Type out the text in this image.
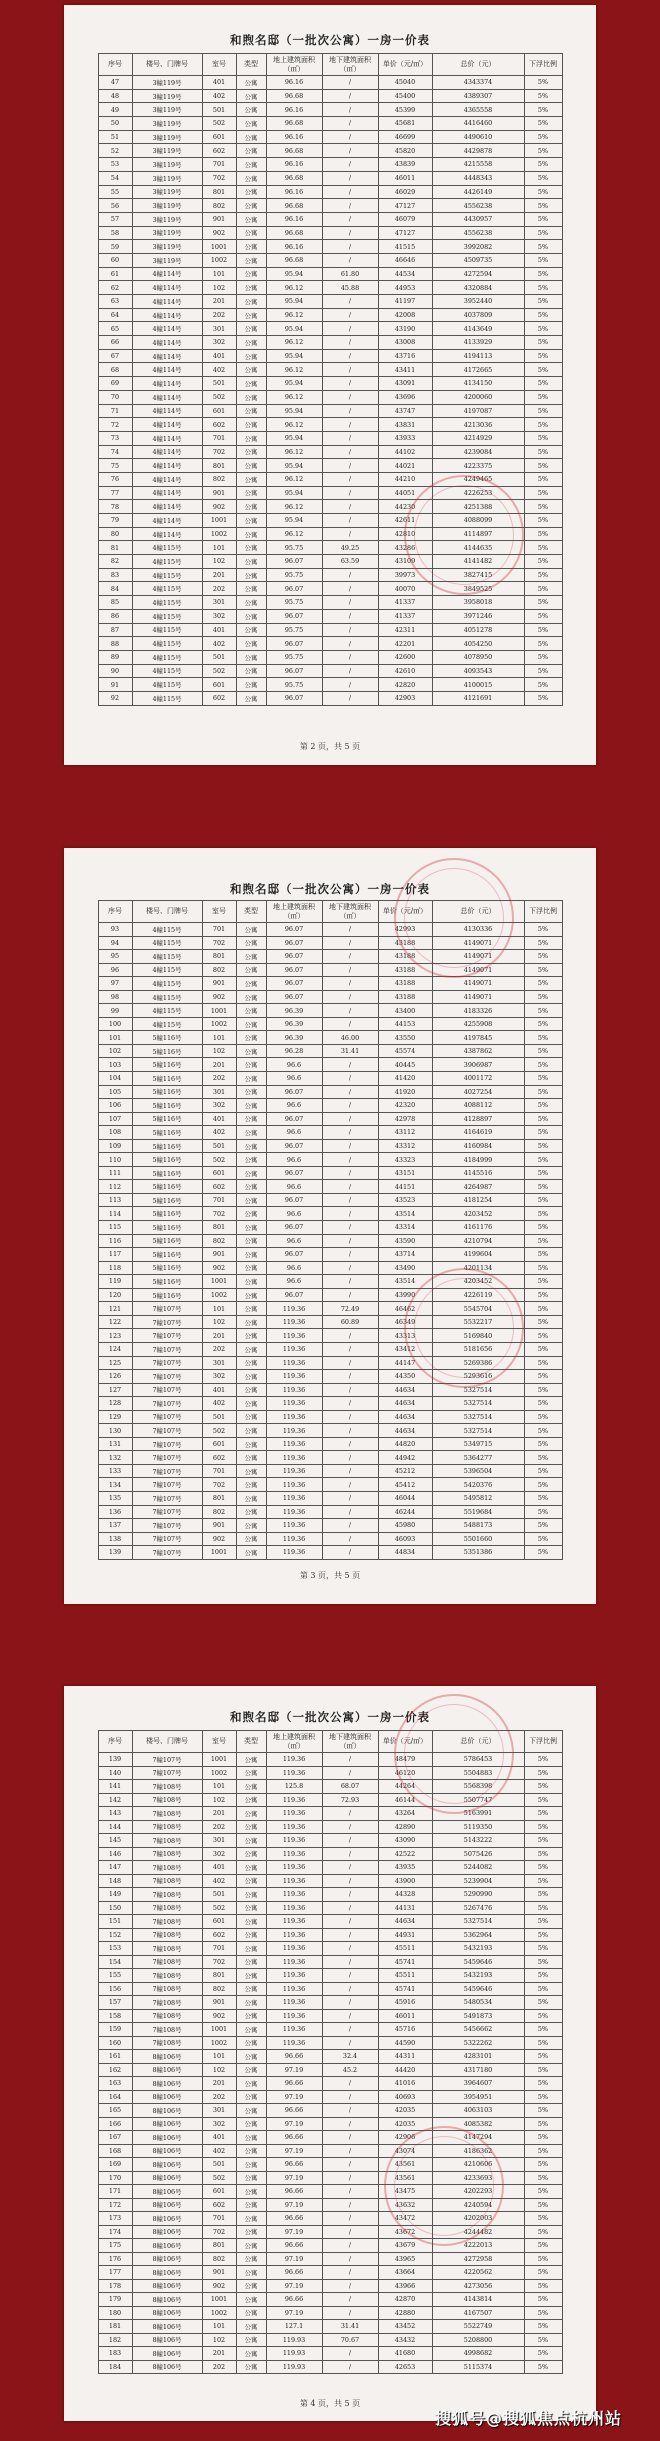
和煦名邸（一批次公寓）一房一价表
序号	楼号、门牌号	室号	类型	地上建筑面积（㎡）	地下建筑面积（㎡）	单价（元/㎡）	总价（元）	下浮比例
47	3幢119号	401	公寓	96.16	/	45040	4343374	5%
48	3幢119号	402	公寓	96.68	/	45400	4389307	5%
49	3幢119号	501	公寓	96.16	/	45399	4365558	5%
50	3幢119号	502	公寓	96.68	/	45681	4416460	5%
51	3幢119号	601	公寓	96.16	/	46699	4490610	5%
52	3幢119号	602	公寓	96.68	/	45820	4429878	5%
53	3幢119号	701	公寓	96.16	/	43839	4215558	5%
54	3幢119号	702	公寓	96.68	/	46011	4448343	5%
55	3幢119号	801	公寓	96.16	/	46029	4426149	5%
56	3幢119号	802	公寓	96.68	/	47127	4556238	5%
57	3幢119号	901	公寓	96.16	/	46079	4430957	5%
58	3幢119号	902	公寓	96.68	/	47127	4556238	5%
59	3幢119号	1001	公寓	96.16	/	41515	3992082	5%
60	3幢119号	1002	公寓	96.68	/	46646	4509735	5%
61	4幢114号	101	公寓	95.94	61.80	44534	4272594	5%
62	4幢114号	102	公寓	96.12	45.88	44953	4320884	5%
63	4幢114号	201	公寓	95.94	/	41197	3952440	5%
64	4幢114号	202	公寓	96.12	/	42008	4037809	5%
65	4幢114号	301	公寓	95.94	/	43190	4143649	5%
66	4幢114号	302	公寓	96.12	/	43008	4133929	5%
67	4幢114号	401	公寓	95.94	/	43716	4194113	5%
68	4幢114号	402	公寓	96.12	/	43411	4172665	5%
69	4幢114号	501	公寓	95.94	/	43091	4134150	5%
70	4幢114号	502	公寓	96.12	/	43696	4200060	5%
71	4幢114号	601	公寓	95.94	/	43747	4197087	5%
72	4幢114号	602	公寓	96.12	/	43831	4213036	5%
73	4幢114号	701	公寓	95.94	/	43933	4214929	5%
74	4幢114号	702	公寓	96.12	/	44102	4239084	5%
75	4幢114号	801	公寓	95.94	/	44021	4223375	5%
76	4幢114号	802	公寓	96.12	/	44210	4249465	5%
77	4幢114号	901	公寓	95.94	/	44051	4226253	5%
78	4幢114号	902	公寓	96.12	/	44230	4251388	5%
79	4幢114号	1001	公寓	95.94	/	42611	4088099	5%
80	4幢114号	1002	公寓	96.12	/	42810	4114897	5%
81	4幢115号	101	公寓	95.75	49.25	43286	4144635	5%
82	4幢115号	102	公寓	96.07	63.59	43109	4141482	5%
83	4幢115号	201	公寓	95.75	/	39973	3827415	5%
84	4幢115号	202	公寓	96.07	/	40070	3849525	5%
85	4幢115号	301	公寓	95.75	/	41337	3958018	5%
86	4幢115号	302	公寓	96.07	/	41337	3971246	5%
87	4幢115号	401	公寓	95.75	/	42311	4051278	5%
88	4幢115号	402	公寓	96.07	/	42201	4054250	5%
89	4幢115号	501	公寓	95.75	/	42600	4078950	5%
90	4幢115号	502	公寓	96.07	/	42610	4093543	5%
91	4幢115号	601	公寓	95.75	/	42820	4100015	5%
92	4幢115号	602	公寓	96.07	/	42903	4121691	5%
第 2 页，共 5 页
和煦名邸（一批次公寓）一房一价表
序号	楼号、门牌号	室号	类型	地上建筑面积（㎡）	地下建筑面积（㎡）	单价（元/㎡）	总价（元）	下浮比例
93	4幢115号	701	公寓	96.07	/	42993	4130336	5%
94	4幢115号	702	公寓	96.07	/	43188	4149071	5%
95	4幢115号	801	公寓	96.07	/	43188	4149071	5%
96	4幢115号	802	公寓	96.07	/	43188	4149071	5%
97	4幢115号	901	公寓	96.07	/	43188	4149071	5%
98	4幢115号	902	公寓	96.07	/	43188	4149071	5%
99	4幢115号	1001	公寓	96.39	/	43400	4183326	5%
100	4幢115号	1002	公寓	96.39	/	44153	4255908	5%
101	5幢116号	101	公寓	96.39	46.00	43550	4197845	5%
102	5幢116号	102	公寓	96.28	31.41	45574	4387862	5%
103	5幢116号	201	公寓	96.6	/	40445	3906987	5%
104	5幢116号	202	公寓	96.6	/	41420	4001172	5%
105	5幢116号	301	公寓	96.07	/	41920	4027254	5%
106	5幢116号	302	公寓	96.6	/	42320	4088112	5%
107	5幢116号	401	公寓	96.07	/	42978	4128897	5%
108	5幢116号	402	公寓	96.6	/	43112	4164619	5%
109	5幢116号	501	公寓	96.07	/	43312	4160984	5%
110	5幢116号	502	公寓	96.6	/	43323	4184999	5%
111	5幢116号	601	公寓	96.07	/	43151	4145516	5%
112	5幢116号	602	公寓	96.6	/	44151	4264987	5%
113	5幢116号	701	公寓	96.07	/	43523	4181254	5%
114	5幢116号	702	公寓	96.6	/	43514	4203452	5%
115	5幢116号	801	公寓	96.07	/	43314	4161176	5%
116	5幢116号	802	公寓	96.6	/	43590	4210794	5%
117	5幢116号	901	公寓	96.07	/	43714	4199604	5%
118	5幢116号	902	公寓	96.6	/	43490	4201134	5%
119	5幢116号	1001	公寓	96.6	/	43514	4203452	5%
120	5幢116号	1002	公寓	96.07	/	43990	4226119	5%
121	7幢107号	101	公寓	119.36	72.49	46462	5545704	5%
122	7幢107号	102	公寓	119.36	60.89	46349	5532217	5%
123	7幢107号	201	公寓	119.36	/	43313	5169840	5%
124	7幢107号	202	公寓	119.36	/	43412	5181656	5%
125	7幢107号	301	公寓	119.36	/	44147	5269386	5%
126	7幢107号	302	公寓	119.36	/	44350	5293616	5%
127	7幢107号	401	公寓	119.36	/	44634	5327514	5%
128	7幢107号	402	公寓	119.36	/	44634	5327514	5%
129	7幢107号	501	公寓	119.36	/	44634	5327514	5%
130	7幢107号	502	公寓	119.36	/	44634	5327514	5%
131	7幢107号	601	公寓	119.36	/	44820	5349715	5%
132	7幢107号	602	公寓	119.36	/	44942	5364277	5%
133	7幢107号	701	公寓	119.36	/	45212	5396504	5%
134	7幢107号	702	公寓	119.36	/	45412	5420376	5%
135	7幢107号	801	公寓	119.36	/	46044	5495812	5%
136	7幢107号	802	公寓	119.36	/	46244	5519684	5%
137	7幢107号	901	公寓	119.36	/	45980	5488173	5%
138	7幢107号	902	公寓	119.36	/	46093	5501660	5%
139	7幢107号	1001	公寓	119.36	/	44834	5351386	5%
第 3 页，共 5 页
和煦名邸（一批次公寓）一房一价表
序号	楼号、门牌号	室号	类型	地上建筑面积（㎡）	地下建筑面积（㎡）	单价（元/㎡）	总价（元）	下浮比例
139	7幢107号	1001	公寓	119.36	/	48479	5786453	5%
140	7幢107号	1002	公寓	119.36	/	46120	5504883	5%
141	7幢108号	101	公寓	125.8	68.07	44264	5568398	5%
142	7幢108号	102	公寓	119.36	72.93	46144	5507747	5%
143	7幢108号	201	公寓	119.36	/	43264	5163991	5%
144	7幢108号	202	公寓	119.36	/	42890	5119350	5%
145	7幢108号	301	公寓	119.36	/	43090	5143222	5%
146	7幢108号	302	公寓	119.36	/	42522	5075426	5%
147	7幢108号	401	公寓	119.36	/	43935	5244082	5%
148	7幢108号	402	公寓	119.36	/	43900	5239904	5%
149	7幢108号	501	公寓	119.36	/	44328	5290990	5%
150	7幢108号	502	公寓	119.36	/	44131	5267476	5%
151	7幢108号	601	公寓	119.36	/	44634	5327514	5%
152	7幢108号	602	公寓	119.36	/	44931	5362964	5%
153	7幢108号	701	公寓	119.36	/	45511	5432193	5%
154	7幢108号	702	公寓	119.36	/	45741	5459646	5%
155	7幢108号	801	公寓	119.36	/	45511	5432193	5%
156	7幢108号	802	公寓	119.36	/	45741	5459646	5%
157	7幢108号	901	公寓	119.36	/	45916	5480534	5%
158	7幢108号	902	公寓	119.36	/	46011	5491873	5%
159	7幢108号	1001	公寓	119.36	/	45716	5456662	5%
160	7幢108号	1002	公寓	119.36	/	44590	5322262	5%
161	8幢106号	101	公寓	96.66	32.4	44311	4283101	5%
162	8幢106号	102	公寓	97.19	45.2	44420	4317180	5%
163	8幢106号	201	公寓	96.66	/	41016	3964607	5%
164	8幢106号	202	公寓	97.19	/	40693	3954951	5%
165	8幢106号	301	公寓	96.66	/	42035	4063103	5%
166	8幢106号	302	公寓	97.19	/	42035	4085382	5%
167	8幢106号	401	公寓	96.66	/	42906	4147294	5%
168	8幢106号	402	公寓	97.19	/	43074	4186362	5%
169	8幢106号	501	公寓	96.66	/	43561	4210606	5%
170	8幢106号	502	公寓	97.19	/	43561	4233693	5%
171	8幢106号	601	公寓	96.66	/	43475	4202293	5%
172	8幢106号	602	公寓	97.19	/	43632	4240594	5%
173	8幢106号	701	公寓	96.66	/	43472	4202003	5%
174	8幢106号	702	公寓	97.19	/	43672	4244482	5%
175	8幢106号	801	公寓	96.66	/	43679	4222013	5%
176	8幢106号	802	公寓	97.19	/	43965	4272958	5%
177	8幢106号	901	公寓	96.66	/	43664	4220562	5%
178	8幢106号	902	公寓	97.19	/	43966	4273056	5%
179	8幢106号	1001	公寓	96.66	/	42870	4143814	5%
180	8幢106号	1002	公寓	97.19	/	42880	4167507	5%
181	8幢106号	101	公寓	127.1	31.41	43452	5522749	5%
182	8幢106号	102	公寓	119.93	70.67	43432	5208800	5%
183	8幢106号	201	公寓	119.93	/	41680	4998682	5%
184	8幢106号	202	公寓	119.93	/	42653	5115374	5%
第 4 页，共 5 页
搜狐号@搜狐焦点杭州站
